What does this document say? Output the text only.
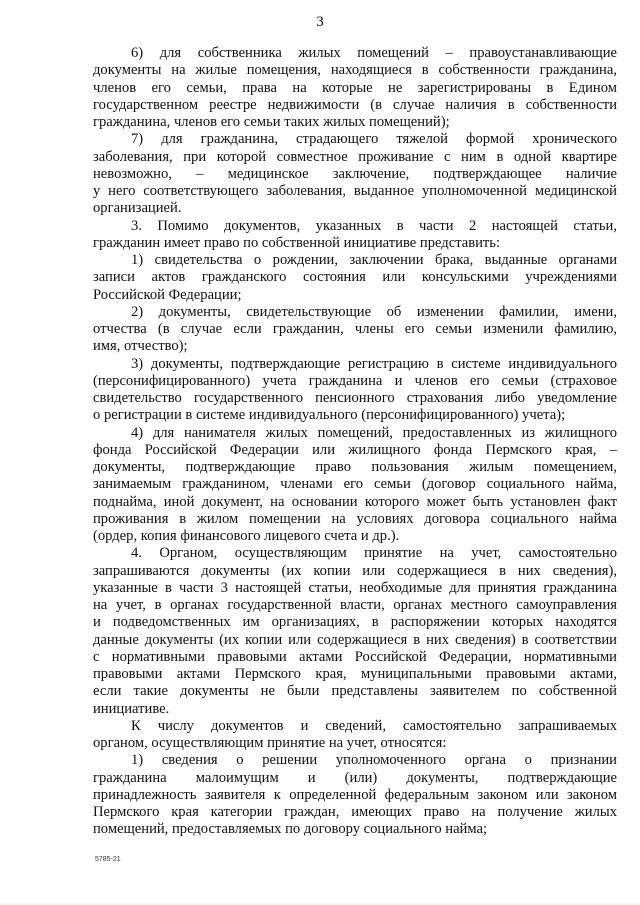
3
6) для собственника жилых помещений – правоустанавливающие
документы на жилые помещения, находящиеся в собственности гражданина,
членов его семьи, права на которые не зарегистрированы в Едином
государственном реестре недвижимости (в случае наличия в собственности
гражданина, членов его семьи таких жилых помещений);
7) для гражданина, страдающего тяжелой формой хронического
заболевания, при которой совместное проживание с ним в одной квартире
невозможно, – медицинское заключение, подтверждающее наличие
у него соответствующего заболевания, выданное уполномоченной медицинской
организацией.
3. Помимо документов, указанных в части 2 настоящей статьи,
гражданин имеет право по собственной инициативе представить:
1) свидетельства о рождении, заключении брака, выданные органами
записи актов гражданского состояния или консульскими учреждениями
Российской Федерации;
2) документы, свидетельствующие об изменении фамилии, имени,
отчества (в случае если гражданин, члены его семьи изменили фамилию,
имя, отчество);
3) документы, подтверждающие регистрацию в системе индивидуального
(персонифицированного) учета гражданина и членов его семьи (страховое
свидетельство государственного пенсионного страхования либо уведомление
о регистрации в системе индивидуального (персонифицированного) учета);
4) для нанимателя жилых помещений, предоставленных из жилищного
фонда Российской Федерации или жилищного фонда Пермского края, –
документы, подтверждающие право пользования жилым помещением,
занимаемым гражданином, членами его семьи (договор социального найма,
поднайма, иной документ, на основании которого может быть установлен факт
проживания в жилом помещении на условиях договора социального найма
(ордер, копия финансового лицевого счета и др.).
4. Органом, осуществляющим принятие на учет, самостоятельно
запрашиваются документы (их копии или содержащиеся в них сведения),
указанные в части 3 настоящей статьи, необходимые для принятия гражданина
на учет, в органах государственной власти, органах местного самоуправления
и подведомственных им организациях, в распоряжении которых находятся
данные документы (их копии или содержащиеся в них сведения) в соответствии
с нормативными правовыми актами Российской Федерации, нормативными
правовыми актами Пермского края, муниципальными правовыми актами,
если такие документы не были представлены заявителем по собственной
инициативе.
К числу документов и сведений, самостоятельно запрашиваемых
органом, осуществляющим принятие на учет, относятся:
1) сведения о решении уполномоченного органа о признании
гражданина малоимущим и (или) документы, подтверждающие
принадлежность заявителя к определенной федеральным законом или законом
Пермского края категории граждан, имеющих право на получение жилых
помещений, предоставляемых по договору социального найма;
5785-21
